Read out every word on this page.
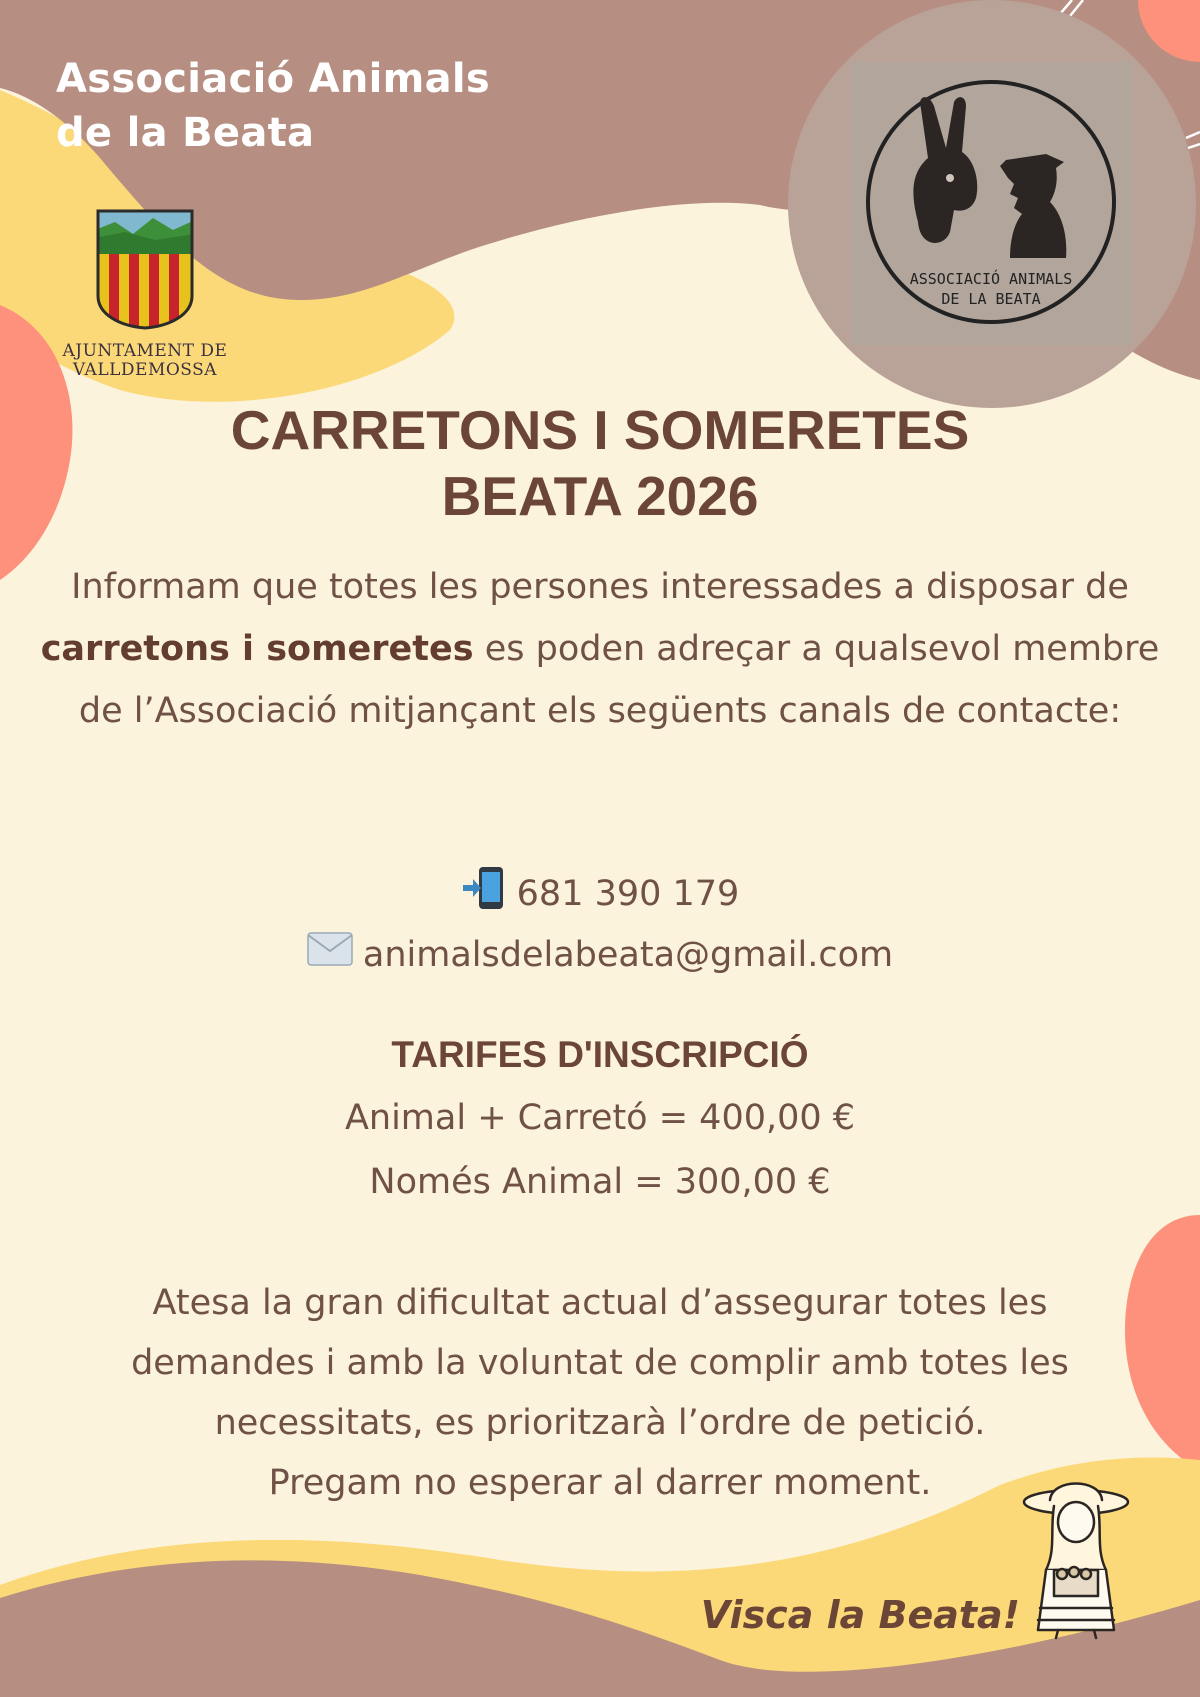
Associació Animals
de la Beata
AJUNTAMENT DE
VALLDEMOSSA
ASSOCIACIÓ ANIMALS
DE LA BEATA
CARRETONS I SOMERETES
BEATA 2026
Informam que totes les persones interessades a disposar de carretons i someretes es poden adreçar a qualsevol membre de l’Associació mitjançant els següents canals de contacte:
681 390 179
animalsdelabeata@gmail.com
TARIFES D'INSCRIPCIÓ
Animal + Carretó = 400,00 €
Només Animal = 300,00 €
Atesa la gran dificultat actual d’assegurar totes les
demandes i amb la voluntat de complir amb totes les
necessitats, es prioritzarà l’ordre de petició.
Pregam no esperar al darrer moment.
Visca la Beata!
